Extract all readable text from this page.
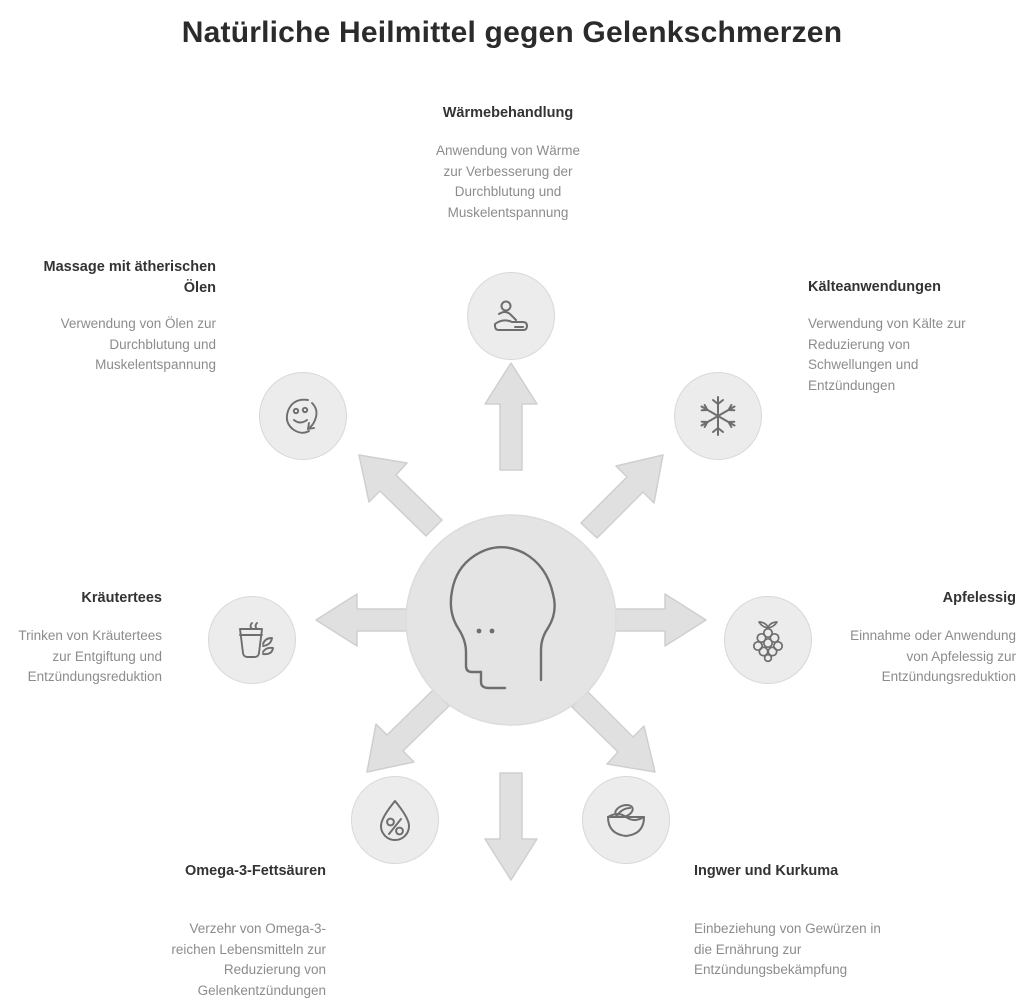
Natürliche Heilmittel gegen Gelenkschmerzen
Wärmebehandlung
Anwendung von Wärme zur Verbesserung der Durchblutung und Muskelentspannung
Kälteanwendungen
Verwendung von Kälte zur Reduzierung von Schwellungen und Entzündungen
Apfelessig
Einnahme oder Anwendung von Apfelessig zur Entzündungsreduktion
Ingwer und Kurkuma
Einbeziehung von Gewürzen in die Ernährung zur Entzündungsbekämpfung
Omega-3-Fettsäuren
Verzehr von Omega-3-reichen Lebensmitteln zur Reduzierung von Gelenkentzündungen
Kräutertees
Trinken von Kräutertees zur Entgiftung und Entzündungsreduktion
Massage mit ätherischen Ölen
Verwendung von Ölen zur Durchblutung und Muskelentspannung
